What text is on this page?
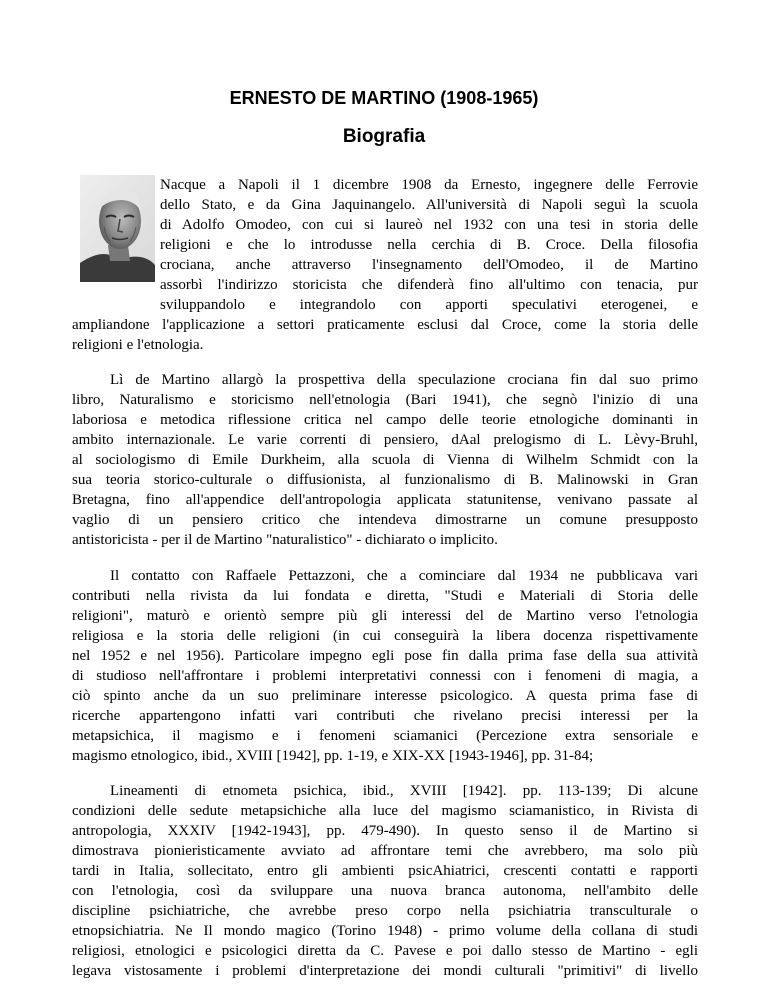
ERNESTO DE MARTINO (1908-1965)
Biografia

Nacque a Napoli il 1 dicembre 1908 da Ernesto, ingegnere delle Ferrovie

dello Stato, e da Gina Jaquinangelo. All'università di Napoli seguì la scuola

di Adolfo Omodeo, con cui si laureò nel 1932 con una tesi in storia delle

religioni e che lo introdusse nella cerchia di B. Croce. Della filosofia

crociana, anche attraverso l'insegnamento dell'Omodeo, il de Martino

assorbì l'indirizzo storicista che difenderà fino all'ultimo con tenacia, pur

sviluppandolo e integrandolo con apporti speculativi eterogenei, e

ampliandone l'applicazione a settori praticamente esclusi dal Croce, come la storia delle

religioni e l'etnologia.

Lì de Martino allargò la prospettiva della speculazione crociana fin dal suo primo

libro, Naturalismo e storicismo nell'etnologia (Bari 1941), che segnò l'inizio di una

laboriosa e metodica riflessione critica nel campo delle teorie etnologiche dominanti in

ambito internazionale. Le varie correnti di pensiero, dAal prelogismo di L. Lèvy-Bruhl,

al sociologismo di Emile Durkheim, alla scuola di Vienna di Wilhelm Schmidt con la

sua teoria storico-culturale o diffusionista, al funzionalismo di B. Malinowski in Gran

Bretagna, fino all'appendice dell'antropologia applicata statunitense, venivano passate al

vaglio di un pensiero critico che intendeva dimostrarne un comune presupposto

antistoricista - per il de Martino "naturalistico" - dichiarato o implicito.

Il contatto con Raffaele Pettazzoni, che a cominciare dal 1934 ne pubblicava vari

contributi nella rivista da lui fondata e diretta, "Studi e Materiali di Storia delle

religioni", maturò e orientò sempre più gli interessi del de Martino verso l'etnologia

religiosa e la storia delle religioni (in cui conseguirà la libera docenza rispettivamente

nel 1952 e nel 1956). Particolare impegno egli pose fin dalla prima fase della sua attività

di studioso nell'affrontare i problemi interpretativi connessi con i fenomeni di magia, a

ciò spinto anche da un suo preliminare interesse psicologico. A questa prima fase di

ricerche appartengono infatti vari contributi che rivelano precisi interessi per la

metapsichica, il magismo e i fenomeni sciamanici (Percezione extra sensoriale e

magismo etnologico, ibid., XVIII [1942], pp. 1-19, e XIX-XX [1943-1946], pp. 31-84;

Lineamenti di etnometa psichica, ibid., XVIII [1942]. pp. 113-139; Di alcune

condizioni delle sedute metapsichiche alla luce del magismo sciamanistico, in Rivista di

antropologia, XXXIV [1942-1943], pp. 479-490). In questo senso il de Martino si

dimostrava pionieristicamente avviato ad affrontare temi che avrebbero, ma solo più

tardi in Italia, sollecitato, entro gli ambienti psicAhiatrici, crescenti contatti e rapporti

con l'etnologia, così da sviluppare una nuova branca autonoma, nell'ambito delle

discipline psichiatriche, che avrebbe preso corpo nella psichiatria transculturale o

etnopsichiatria. Ne Il mondo magico (Torino 1948) - primo volume della collana di studi

religiosi, etnologici e psicologici diretta da C. Pavese e poi dallo stesso de Martino - egli

legava vistosamente i problemi d'interpretazione dei mondi culturali "primitivi" di livello
